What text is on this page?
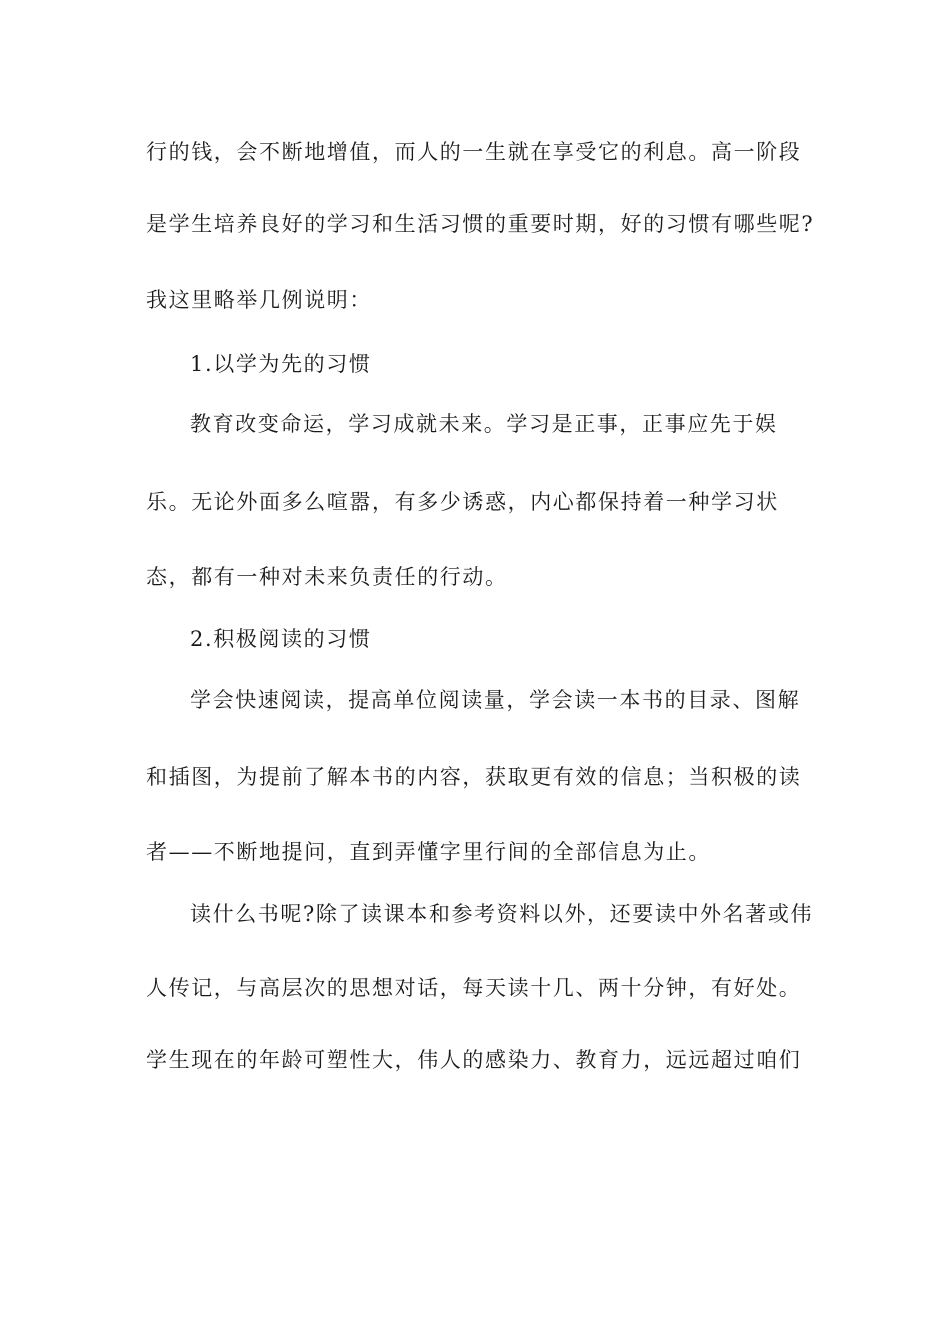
行的钱，会不断地增值，而人的一生就在享受它的利息。高一阶段
是学生培养良好的学习和生活习惯的重要时期，好的习惯有哪些呢?
我这里略举几例说明：
1.以学为先的习惯
教育改变命运，学习成就未来。学习是正事，正事应先于娱
乐。无论外面多么喧嚣，有多少诱惑，内心都保持着一种学习状
态，都有一种对未来负责任的行动。
2.积极阅读的习惯
学会快速阅读，提高单位阅读量，学会读一本书的目录、图解
和插图，为提前了解本书的内容，获取更有效的信息；当积极的读
者——不断地提问，直到弄懂字里行间的全部信息为止。
读什么书呢?除了读课本和参考资料以外，还要读中外名著或伟
人传记，与高层次的思想对话，每天读十几、两十分钟，有好处。
学生现在的年龄可塑性大，伟人的感染力、教育力，远远超过咱们
